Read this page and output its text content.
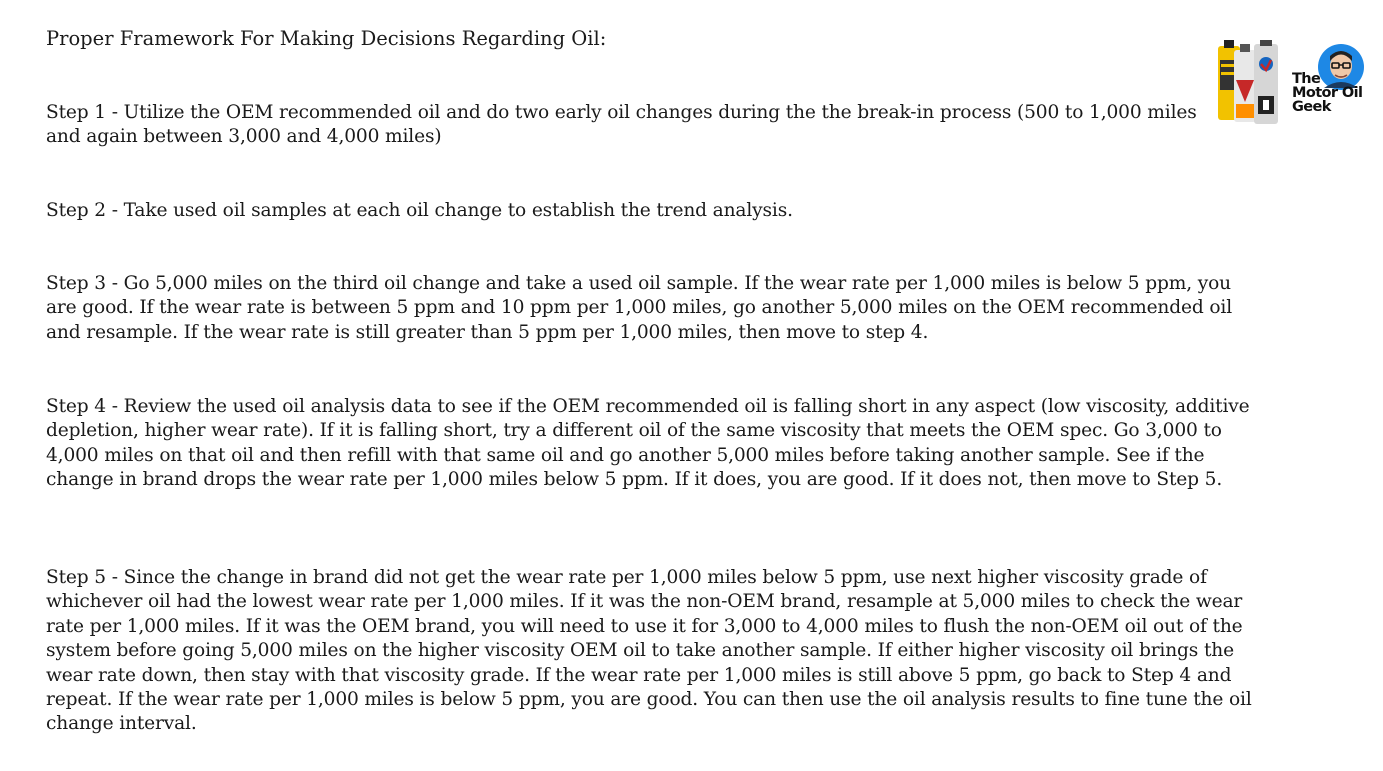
Proper Framework For Making Decisions Regarding Oil:
Step 1 - Utilize the OEM recommended oil and do two early oil changes during the the break-in process (500 to 1,000 miles and again between 3,000 and 4,000 miles)
Step 2 - Take used oil samples at each oil change to establish the trend analysis.
Step 3 - Go 5,000 miles on the third oil change and take a used oil sample. If the wear rate per 1,000 miles is below 5 ppm, you are good. If the wear rate is between 5 ppm and 10 ppm per 1,000 miles, go another 5,000 miles on the OEM recommended oil and resample. If the wear rate is still greater than 5 ppm per 1,000 miles, then move to step 4.
Step 4 - Review the used oil analysis data to see if the OEM recommended oil is falling short in any aspect (low viscosity, additive depletion, higher wear rate). If it is falling short, try a different oil of the same viscosity that meets the OEM spec. Go 3,000 to 4,000 miles on that oil and then refill with that same oil and go another 5,000 miles before taking another sample. See if the change in brand drops the wear rate per 1,000 miles below 5 ppm. If it does, you are good. If it does not, then move to Step 5.
Step 5 - Since the change in brand did not get the wear rate per 1,000 miles below 5 ppm, use next higher viscosity grade of whichever oil had the lowest wear rate per 1,000 miles. If it was the non-OEM brand, resample at 5,000 miles to check the wear rate per 1,000 miles. If it was the OEM brand, you will need to use it for 3,000 to 4,000 miles to flush the non-OEM oil out of the system before going 5,000 miles on the higher viscosity OEM oil to take another sample. If either higher viscosity oil brings the wear rate down, then stay with that viscosity grade. If the wear rate per 1,000 miles is still above 5 ppm, go back to Step 4 and repeat. If the wear rate per 1,000 miles is below 5 ppm, you are good. You can then use the oil analysis results to fine tune the oil change interval.
The
Motor Oil
Geek
